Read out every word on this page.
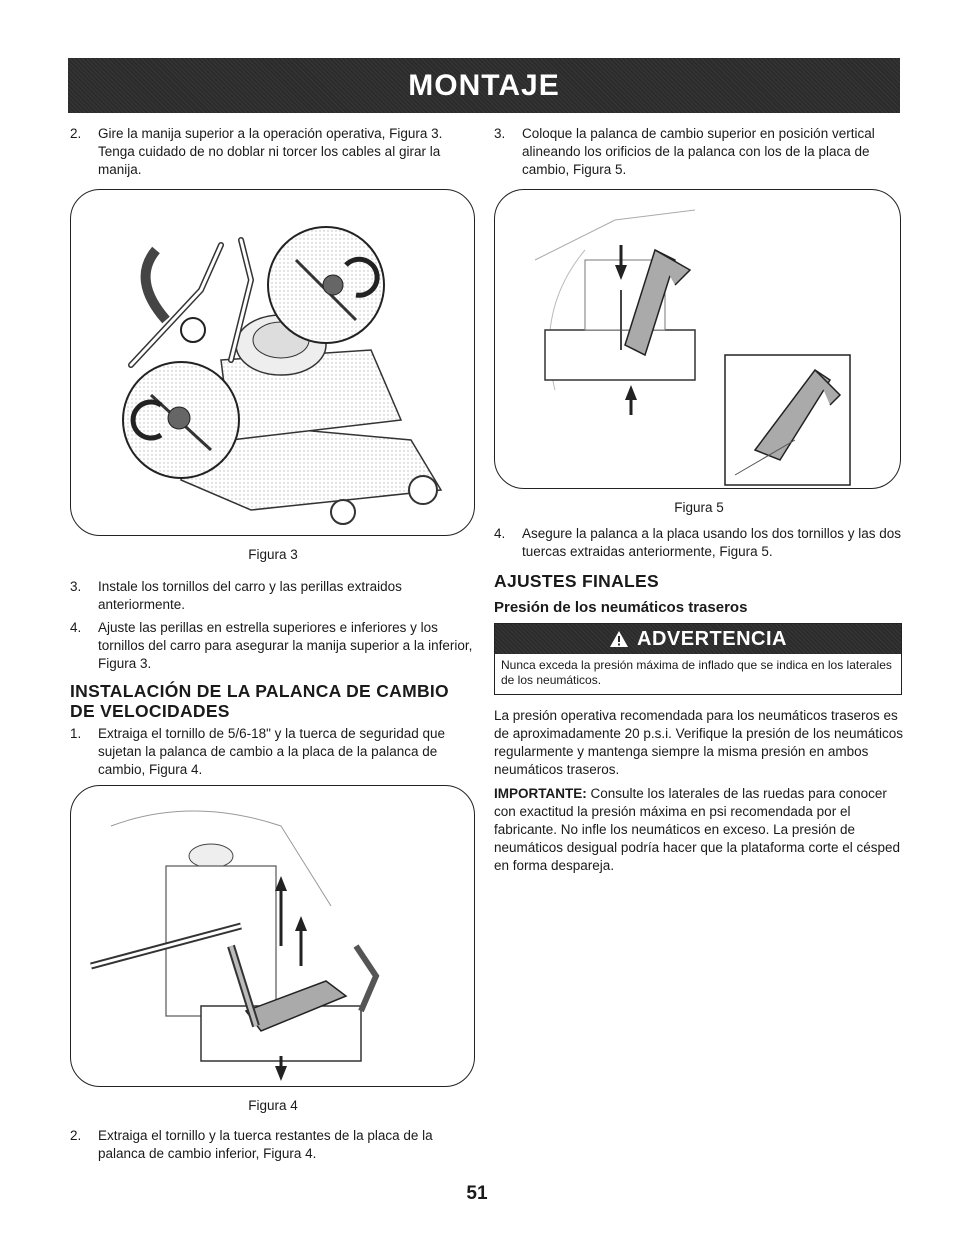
MONTAJE
2.	Gire la manija superior a la operación operativa, Figura 3. Tenga cuidado de no doblar ni torcer los cables al girar la manija.
Figura 3
3.	Instale los tornillos del carro y las perillas extraidos anteriormente.
4.	Ajuste las perillas en estrella superiores e inferiores y los tornillos del carro para asegurar la manija superior a la inferior, Figura 3.
INSTALACIÓN DE LA PALANCA DE CAMBIO DE VELOCIDADES
1.	Extraiga el tornillo de 5/6-18" y la tuerca de seguridad que sujetan la palanca de cambio a la placa de la palanca de cambio, Figura 4.
Figura 4
2.	Extraiga el tornillo y la tuerca restantes de la placa de la palanca de cambio inferior, Figura 4.
3.	Coloque la palanca de cambio superior en posición vertical alineando los orificios de la palanca con los de la placa de cambio, Figura 5.
Figura 5
4.	Asegure la palanca a la placa usando los dos tornillos y las dos tuercas extraidas anteriormente, Figura 5.
AJUSTES FINALES
Presión de los neumáticos traseros
ADVERTENCIA
Nunca exceda la presión máxima de inflado que se indica en los laterales de los neumáticos.

La presión operativa recomendada para los neumáticos traseros es de aproximadamente 20 p.s.i. Verifique la presión de los neumáticos regularmente y mantenga siempre la misma presión en ambos neumáticos traseros.

IMPORTANTE: Consulte los laterales de las ruedas para conocer con exactitud la presión máxima en psi recomendada por el fabricante. No infle los neumáticos en exceso. La presión de neumáticos desigual podría hacer que la plataforma corte el césped en forma despareja.

51
